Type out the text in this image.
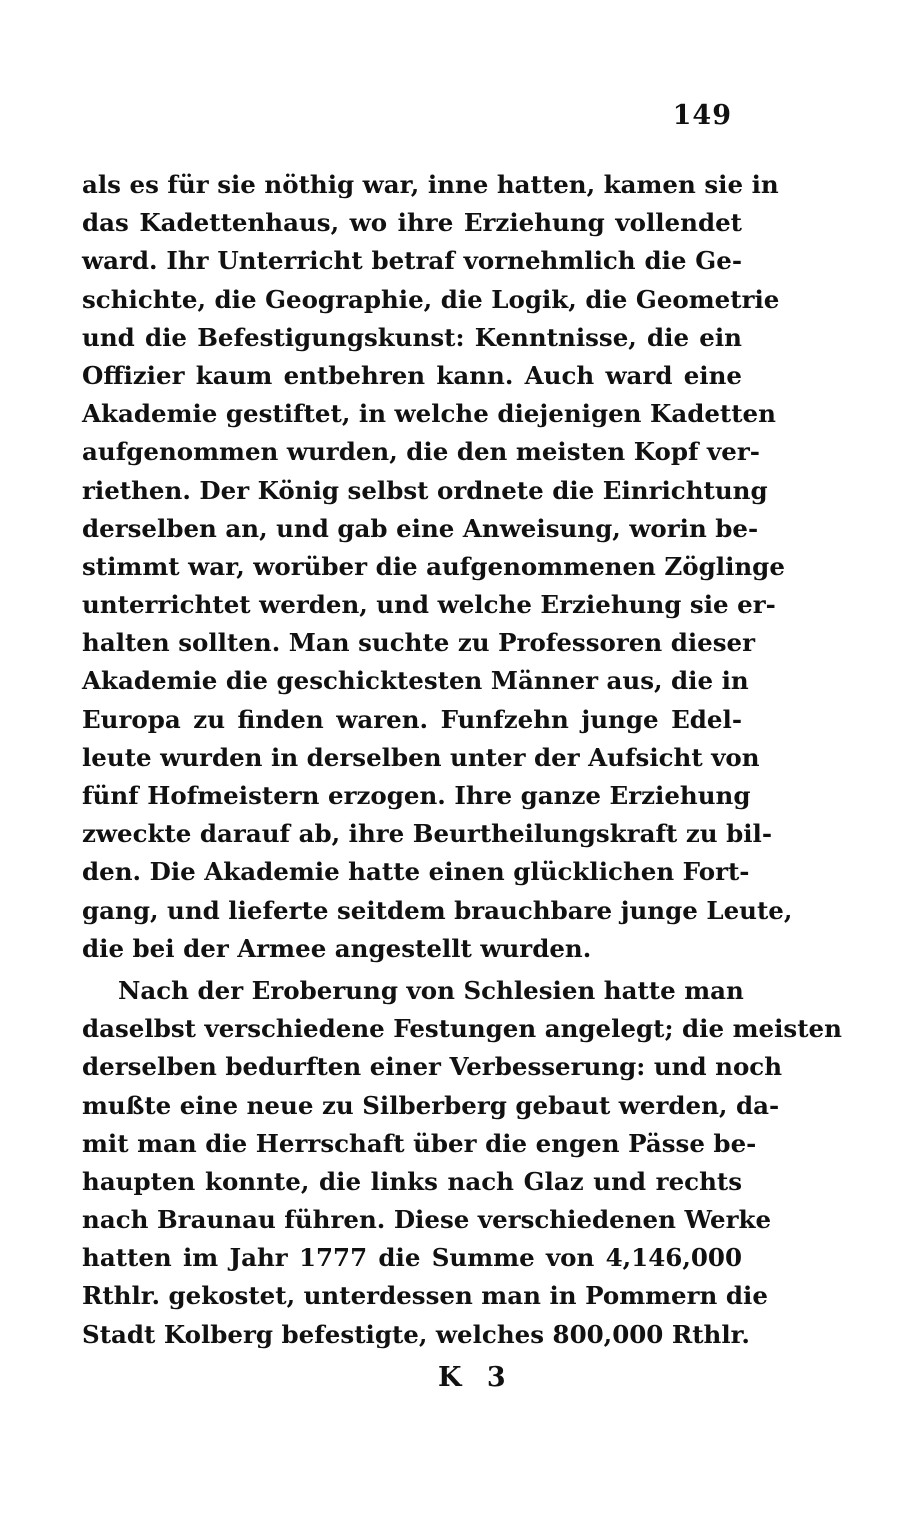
149
als es für sie nöthig war, inne hatten, kamen sie in
das Kadettenhaus, wo ihre Erziehung vollendet
ward. Ihr Unterricht betraf vornehmlich die Ge-
schichte, die Geographie, die Logik, die Geometrie
und die Befestigungskunst: Kenntnisse, die ein
Offizier kaum entbehren kann. Auch ward eine
Akademie gestiftet, in welche diejenigen Kadetten
aufgenommen wurden, die den meisten Kopf ver-
riethen. Der König selbst ordnete die Einrichtung
derselben an, und gab eine Anweisung, worin be-
stimmt war, worüber die aufgenommenen Zöglinge
unterrichtet werden, und welche Erziehung sie er-
halten sollten. Man suchte zu Professoren dieser
Akademie die geschicktesten Männer aus, die in
Europa zu finden waren. Funfzehn junge Edel-
leute wurden in derselben unter der Aufsicht von
fünf Hofmeistern erzogen. Ihre ganze Erziehung
zweckte darauf ab, ihre Beurtheilungskraft zu bil-
den. Die Akademie hatte einen glücklichen Fort-
gang, und lieferte seitdem brauchbare junge Leute,
die bei der Armee angestellt wurden.
Nach der Eroberung von Schlesien hatte man
daselbst verschiedene Festungen angelegt; die meisten
derselben bedurften einer Verbesserung: und noch
mußte eine neue zu Silberberg gebaut werden, da-
mit man die Herrschaft über die engen Pässe be-
haupten konnte, die links nach Glaz und rechts
nach Braunau führen. Diese verschiedenen Werke
hatten im Jahr 1777 die Summe von 4,146,000
Rthlr. gekostet, unterdessen man in Pommern die
Stadt Kolberg befestigte, welches 800,000 Rthlr.
K 3
